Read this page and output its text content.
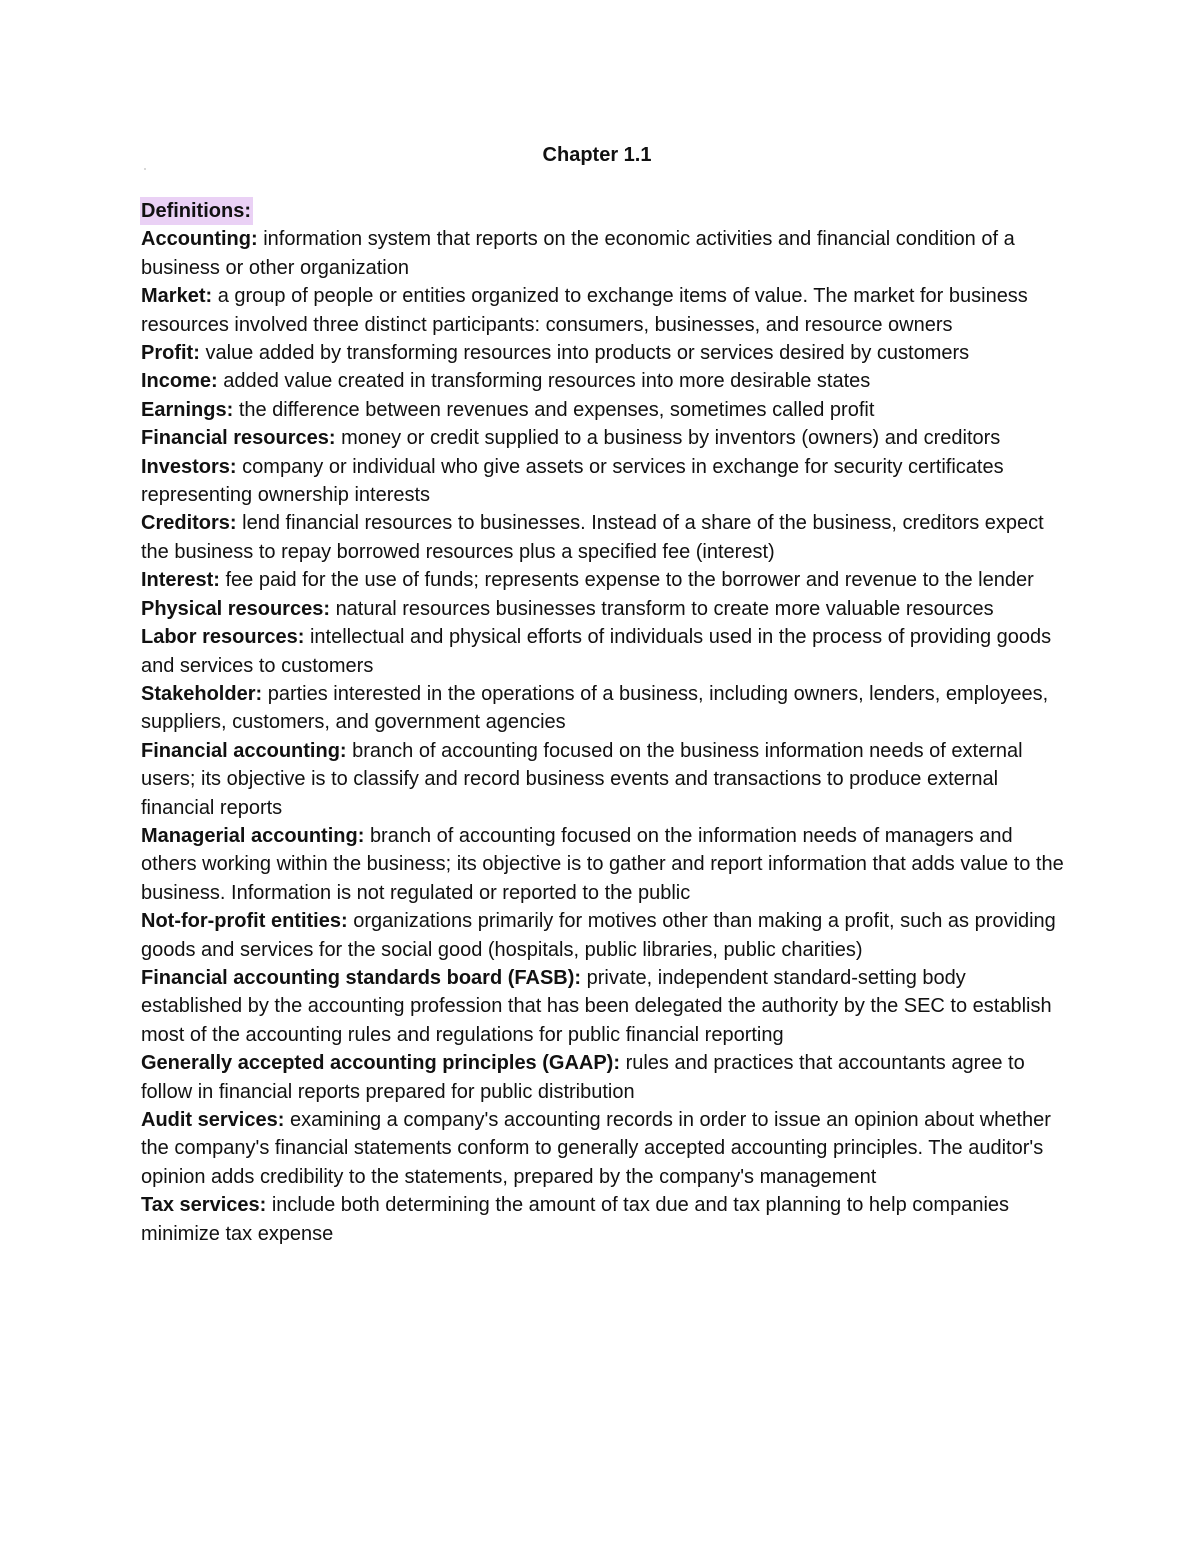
Chapter 1.1
Definitions:

Accounting: information system that reports on the economic activities and financial condition of a business or other organization

Market: a group of people or entities organized to exchange items of value. The market for business resources involved three distinct participants: consumers, businesses, and resource owners

Profit: value added by transforming resources into products or services desired by customers

Income: added value created in transforming resources into more desirable states

Earnings: the difference between revenues and expenses, sometimes called profit

Financial resources: money or credit supplied to a business by inventors (owners) and creditors

Investors: company or individual who give assets or services in exchange for security certificates representing ownership interests

Creditors: lend financial resources to businesses. Instead of a share of the business, creditors expect the business to repay borrowed resources plus a specified fee (interest)

Interest: fee paid for the use of funds; represents expense to the borrower and revenue to the lender

Physical resources: natural resources businesses transform to create more valuable resources

Labor resources: intellectual and physical efforts of individuals used in the process of providing goods and services to customers

Stakeholder: parties interested in the operations of a business, including owners, lenders, employees, suppliers, customers, and government agencies

Financial accounting: branch of accounting focused on the business information needs of external users; its objective is to classify and record business events and transactions to produce external financial reports

Managerial accounting: branch of accounting focused on the information needs of managers and others working within the business; its objective is to gather and report information that adds value to the business. Information is not regulated or reported to the public

Not-for-profit entities: organizations primarily for motives other than making a profit, such as providing goods and services for the social good (hospitals, public libraries, public charities)

Financial accounting standards board (FASB): private, independent standard-setting body established by the accounting profession that has been delegated the authority by the SEC to establish most of the accounting rules and regulations for public financial reporting

Generally accepted accounting principles (GAAP): rules and practices that accountants agree to follow in financial reports prepared for public distribution

Audit services: examining a company's accounting records in order to issue an opinion about whether the company's financial statements conform to generally accepted accounting principles. The auditor's opinion adds credibility to the statements, prepared by the company's management

Tax services: include both determining the amount of tax due and tax planning to help companies minimize tax expense
